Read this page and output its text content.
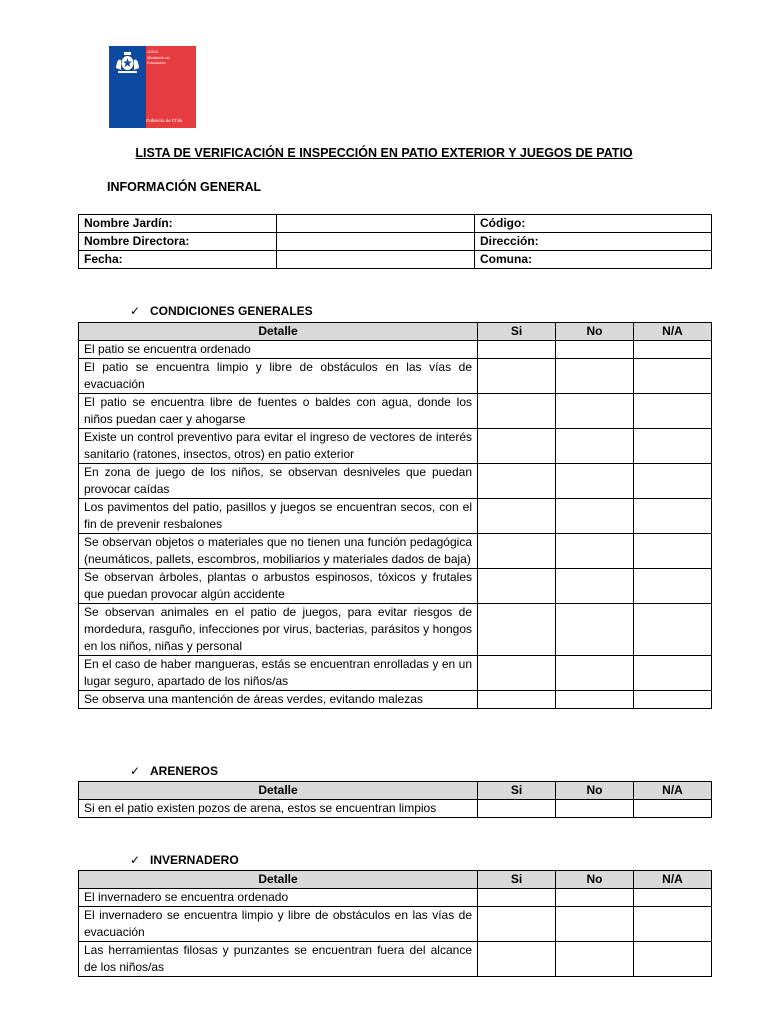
JUNJI
Ministerio de
Educación
Gobierno de Chile
LISTA DE VERIFICACIÓN E INSPECCIÓN EN PATIO EXTERIOR Y JUEGOS DE PATIO
INFORMACIÓN GENERAL
Nombre Jardín:		Código:
Nombre Directora:		Dirección:
Fecha:		Comuna:
✓ CONDICIONES GENERALES
Detalle	Si	No	N/A
El patio se encuentra ordenado			
El patio se encuentra limpio y libre de obstáculos en las vías de evacuación			
El patio se encuentra libre de fuentes o baldes con agua, donde los niños puedan caer y ahogarse			
Existe un control preventivo para evitar el ingreso de vectores de interés sanitario (ratones, insectos, otros) en patio exterior			
En zona de juego de los niños, se observan desniveles que puedan provocar caídas			
Los pavimentos del patio, pasillos y juegos se encuentran secos, con el fin de prevenir resbalones			
Se observan objetos o materiales que no tienen una función pedagógica (neumáticos, pallets, escombros, mobiliarios y materiales dados de baja)			
Se observan árboles, plantas o arbustos espinosos, tóxicos y frutales que puedan provocar algún accidente			
Se observan animales en el patio de juegos, para evitar riesgos de mordedura, rasguño, infecciones por virus, bacterias, parásitos y hongos en los niños, niñas y personal			
En el caso de haber mangueras, estás se encuentran enrolladas y en un lugar seguro, apartado de los niños/as			
Se observa una mantención de áreas verdes, evitando malezas			
✓ ARENEROS
Detalle	Si	No	N/A
Si en el patio existen pozos de arena, estos se encuentran limpios			
✓ INVERNADERO
Detalle	Si	No	N/A
El invernadero se encuentra ordenado			
El invernadero se encuentra limpio y libre de obstáculos en las vías de evacuación			
Las herramientas filosas y punzantes se encuentran fuera del alcance de los niños/as			
